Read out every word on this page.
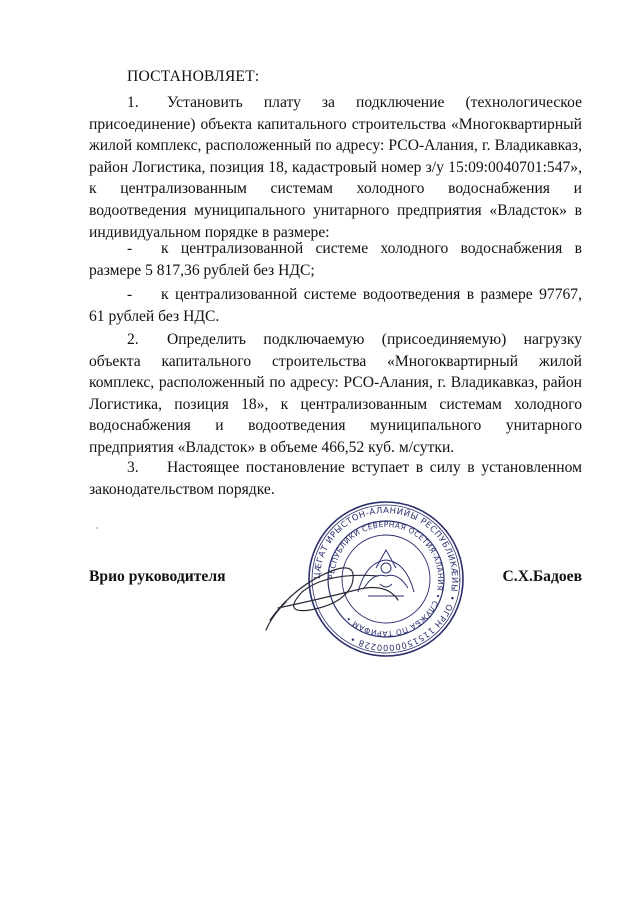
ПОСТАНОВЛЯЕТ:
1. Установить плату за подключение (технологическое присоединение) объекта капитального строительства «Многоквартирный жилой комплекс, расположенный по адресу: РСО-Алания, г. Владикавказ, район Логистика, позиция 18, кадастровый номер з/у 15:09:0040701:547», к централизованным системам холодного водоснабжения и водоотведения муниципального унитарного предприятия «Владсток» в индивидуальном порядке в размере:
- к централизованной системе холодного водоснабжения в размере 5 817,36 рублей без НДС;
- к централизованной системе водоотведения в размере 97767, 61 рублей без НДС.
2. Определить подключаемую (присоединяемую) нагрузку объекта капитального строительства «Многоквартирный жилой комплекс, расположенный по адресу: РСО-Алания, г. Владикавказ, район Логистика, позиция 18», к централизованным системам холодного водоснабжения и водоотведения муниципального унитарного предприятия «Владсток» в объеме 466,52 куб. м/сутки.
3. Настоящее постановление вступает в силу в установленном законодательством порядке.
ЦӔГАТ ИРЫСТОН-АЛАНИЙЫ РЕСПУБЛИКӔЙЫ • ОГРН 1151500000228 •
РЕСПУБЛИКИ СЕВЕРНАЯ ОСЕТИЯ-АЛАНИЯ • СЛУЖБА ПО ТАРИФАМ •
Врио руководителя	С.Х.Бадоев
